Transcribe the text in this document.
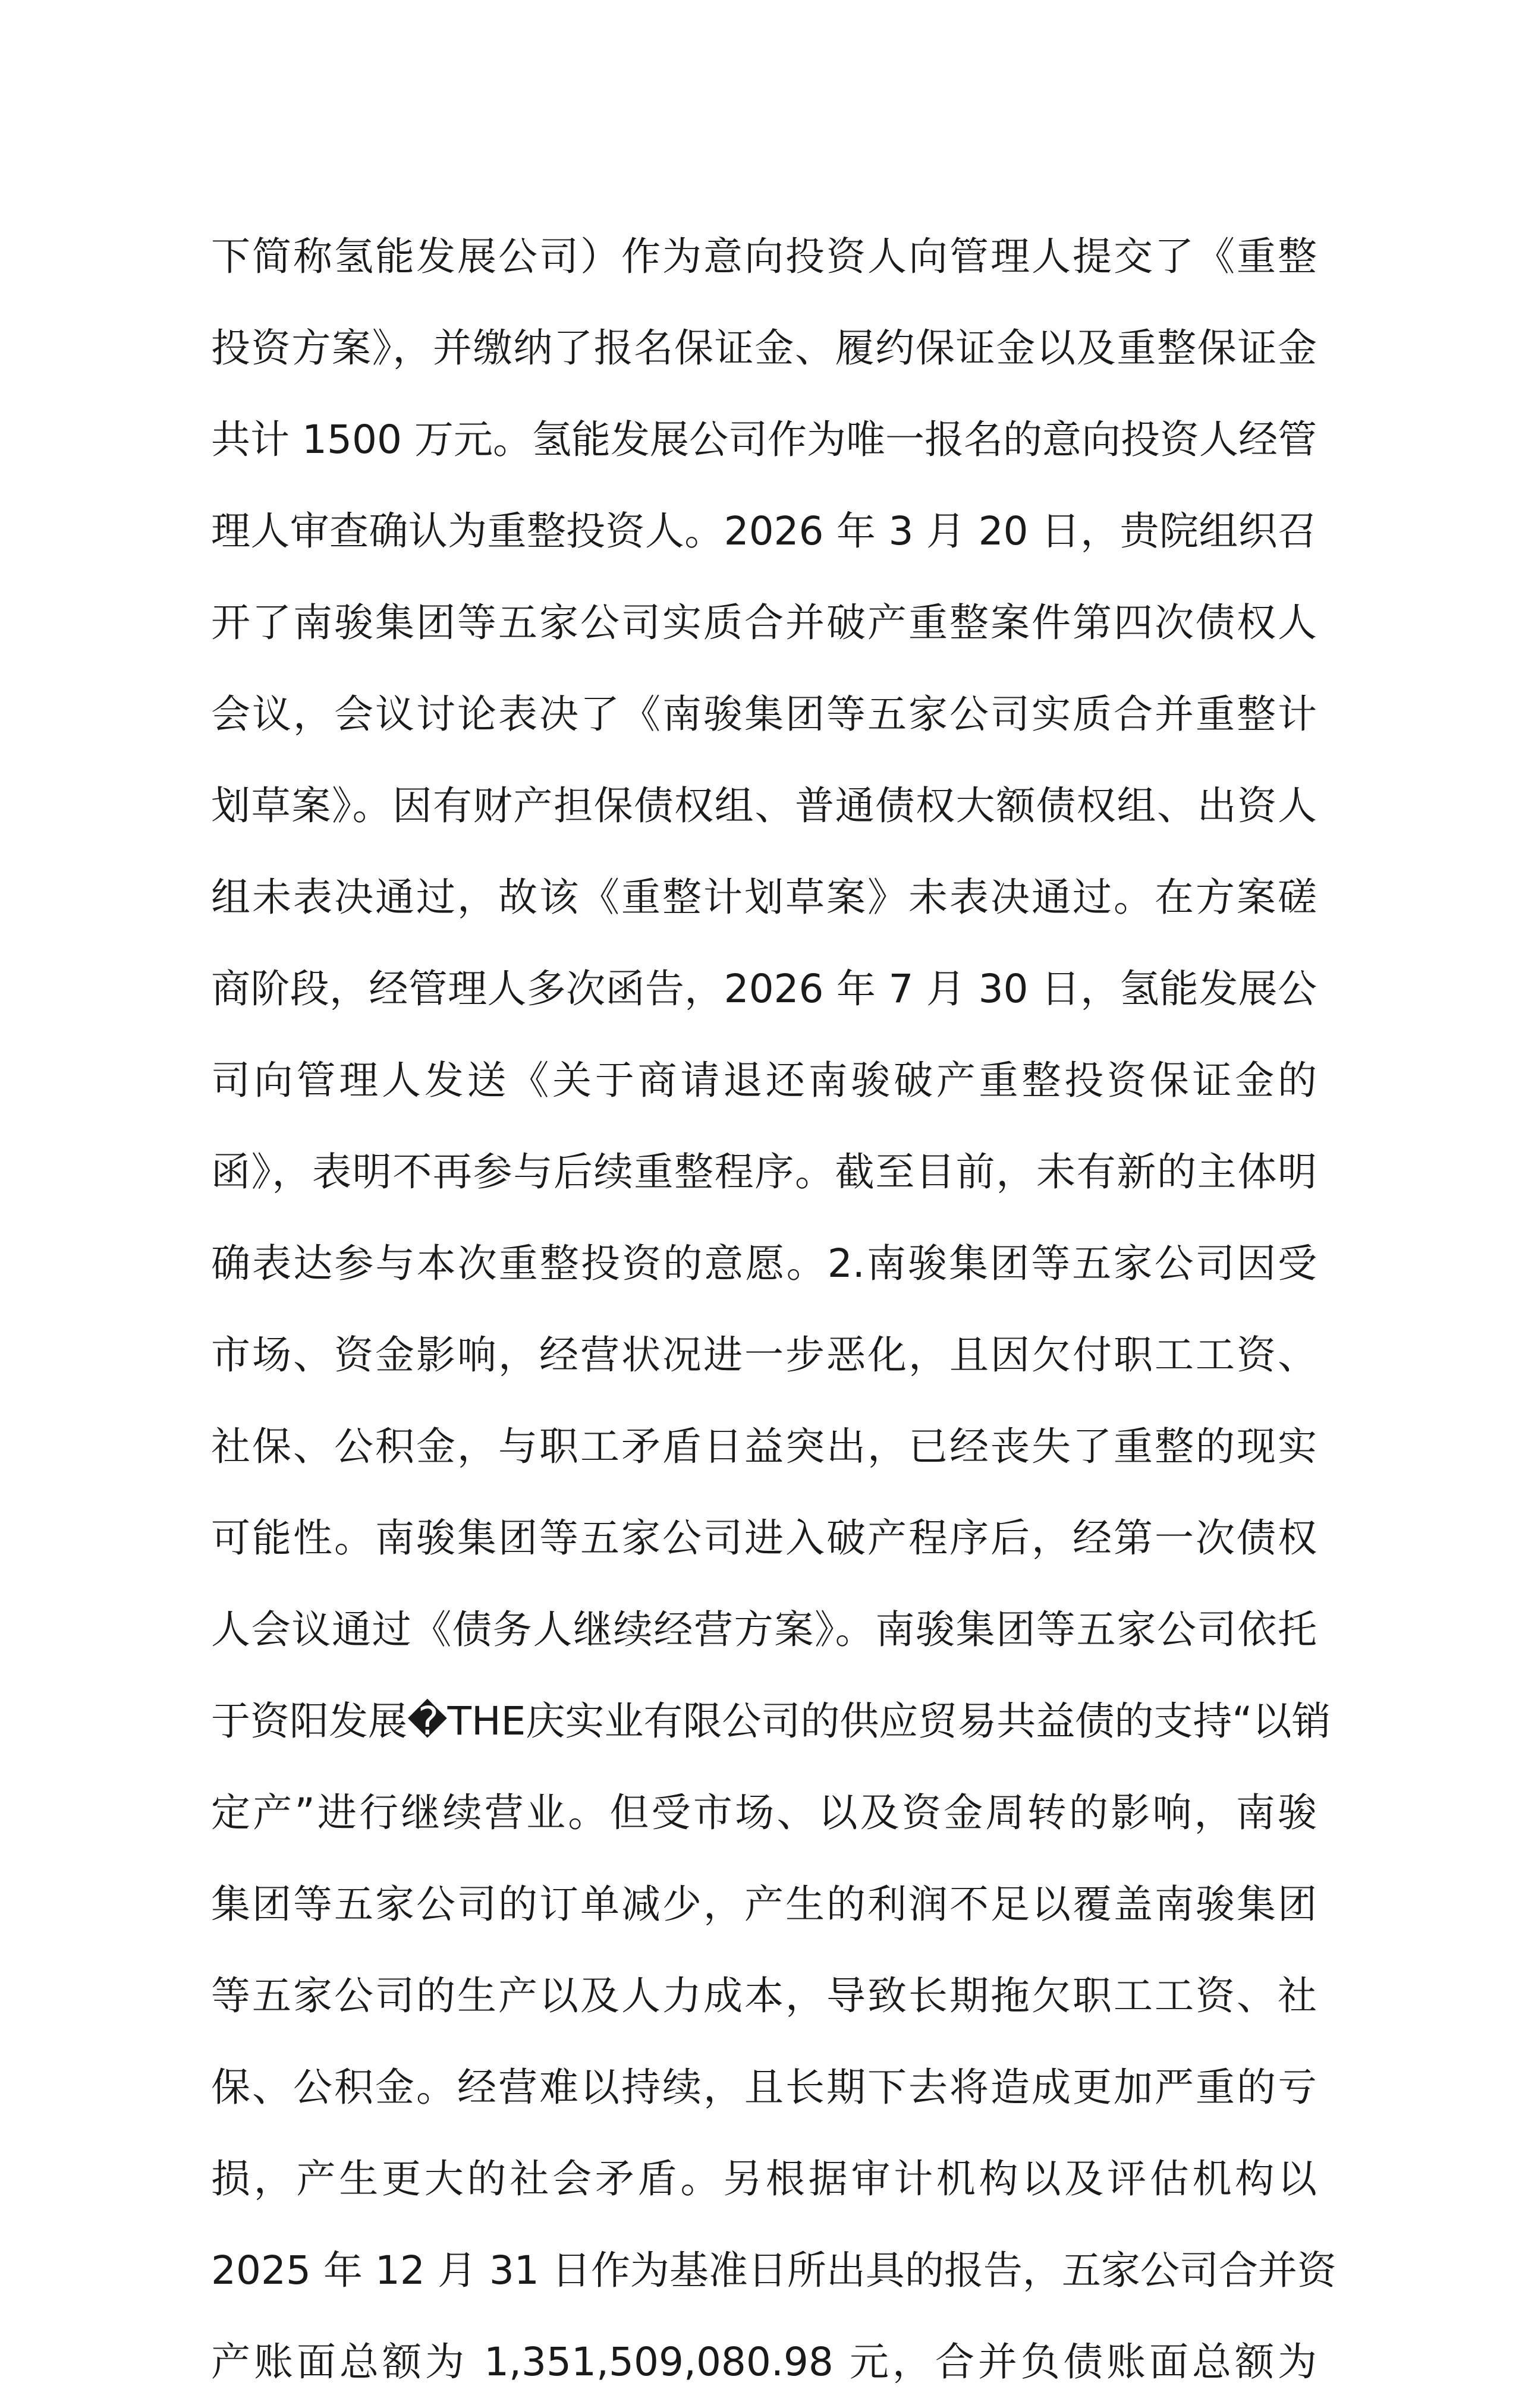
下简称氢能发展公司）作为意向投资人向管理人提交了《重整
投资方案》，并缴纳了报名保证金、履约保证金以及重整保证金
共计 1500 万元。氢能发展公司作为唯一报名的意向投资人经管
理人审查确认为重整投资人。2026 年 3 月 20 日，贵院组织召
开了南骏集团等五家公司实质合并破产重整案件第四次债权人
会议，会议讨论表决了《南骏集团等五家公司实质合并重整计
划草案》。因有财产担保债权组、普通债权大额债权组、出资人
组未表决通过，故该《重整计划草案》未表决通过。在方案磋
商阶段，经管理人多次函告，2026 年 7 月 30 日，氢能发展公
司向管理人发送《关于商请退还南骏破产重整投资保证金的
函》，表明不再参与后续重整程序。截至目前，未有新的主体明
确表达参与本次重整投资的意愿。2.南骏集团等五家公司因受
市场、资金影响，经营状况进一步恶化，且因欠付职工工资、
社保、公积金，与职工矛盾日益突出，已经丧失了重整的现实
可能性。南骏集团等五家公司进入破产程序后，经第一次债权
人会议通过《债务人继续经营方案》。南骏集团等五家公司依托
于资阳发展�THE庆实业有限公司的供应贸易共益债的支持“以销
定产”进行继续营业。但受市场、以及资金周转的影响，南骏
集团等五家公司的订单减少，产生的利润不足以覆盖南骏集团
等五家公司的生产以及人力成本，导致长期拖欠职工工资、社
保、公积金。经营难以持续，且长期下去将造成更加严重的亏
损，产生更大的社会矛盾。另根据审计机构以及评估机构以
2025 年 12 月 31 日作为基准日所出具的报告，五家公司合并资
产账面总额为 1,351,509,080.98 元，合并负债账面总额为
